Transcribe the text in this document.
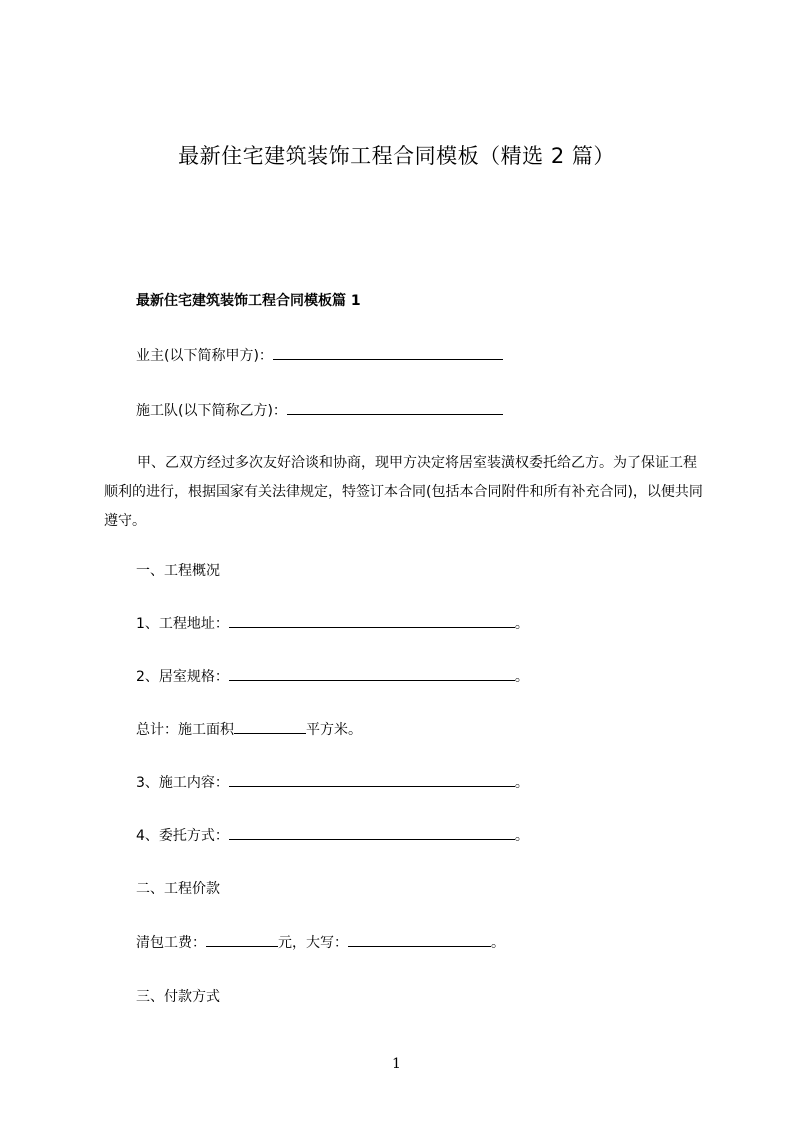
最新住宅建筑装饰工程合同模板（精选 2 篇）
最新住宅建筑装饰工程合同模板篇 1
业主(以下简称甲方)：
施工队(以下简称乙方)：
甲、乙双方经过多次友好洽谈和协商，现甲方决定将居室装潢权委托给乙方。为了保证工程顺利的进行，根据国家有关法律规定，特签订本合同(包括本合同附件和所有补充合同)，以便共同遵守。
一、工程概况
1、工程地址：	。
2、居室规格：	。
总计：施工面积	平方米。
3、施工内容：	。
4、委托方式：	。
二、工程价款
清包工费：	元，大写：	。
三、付款方式
1
